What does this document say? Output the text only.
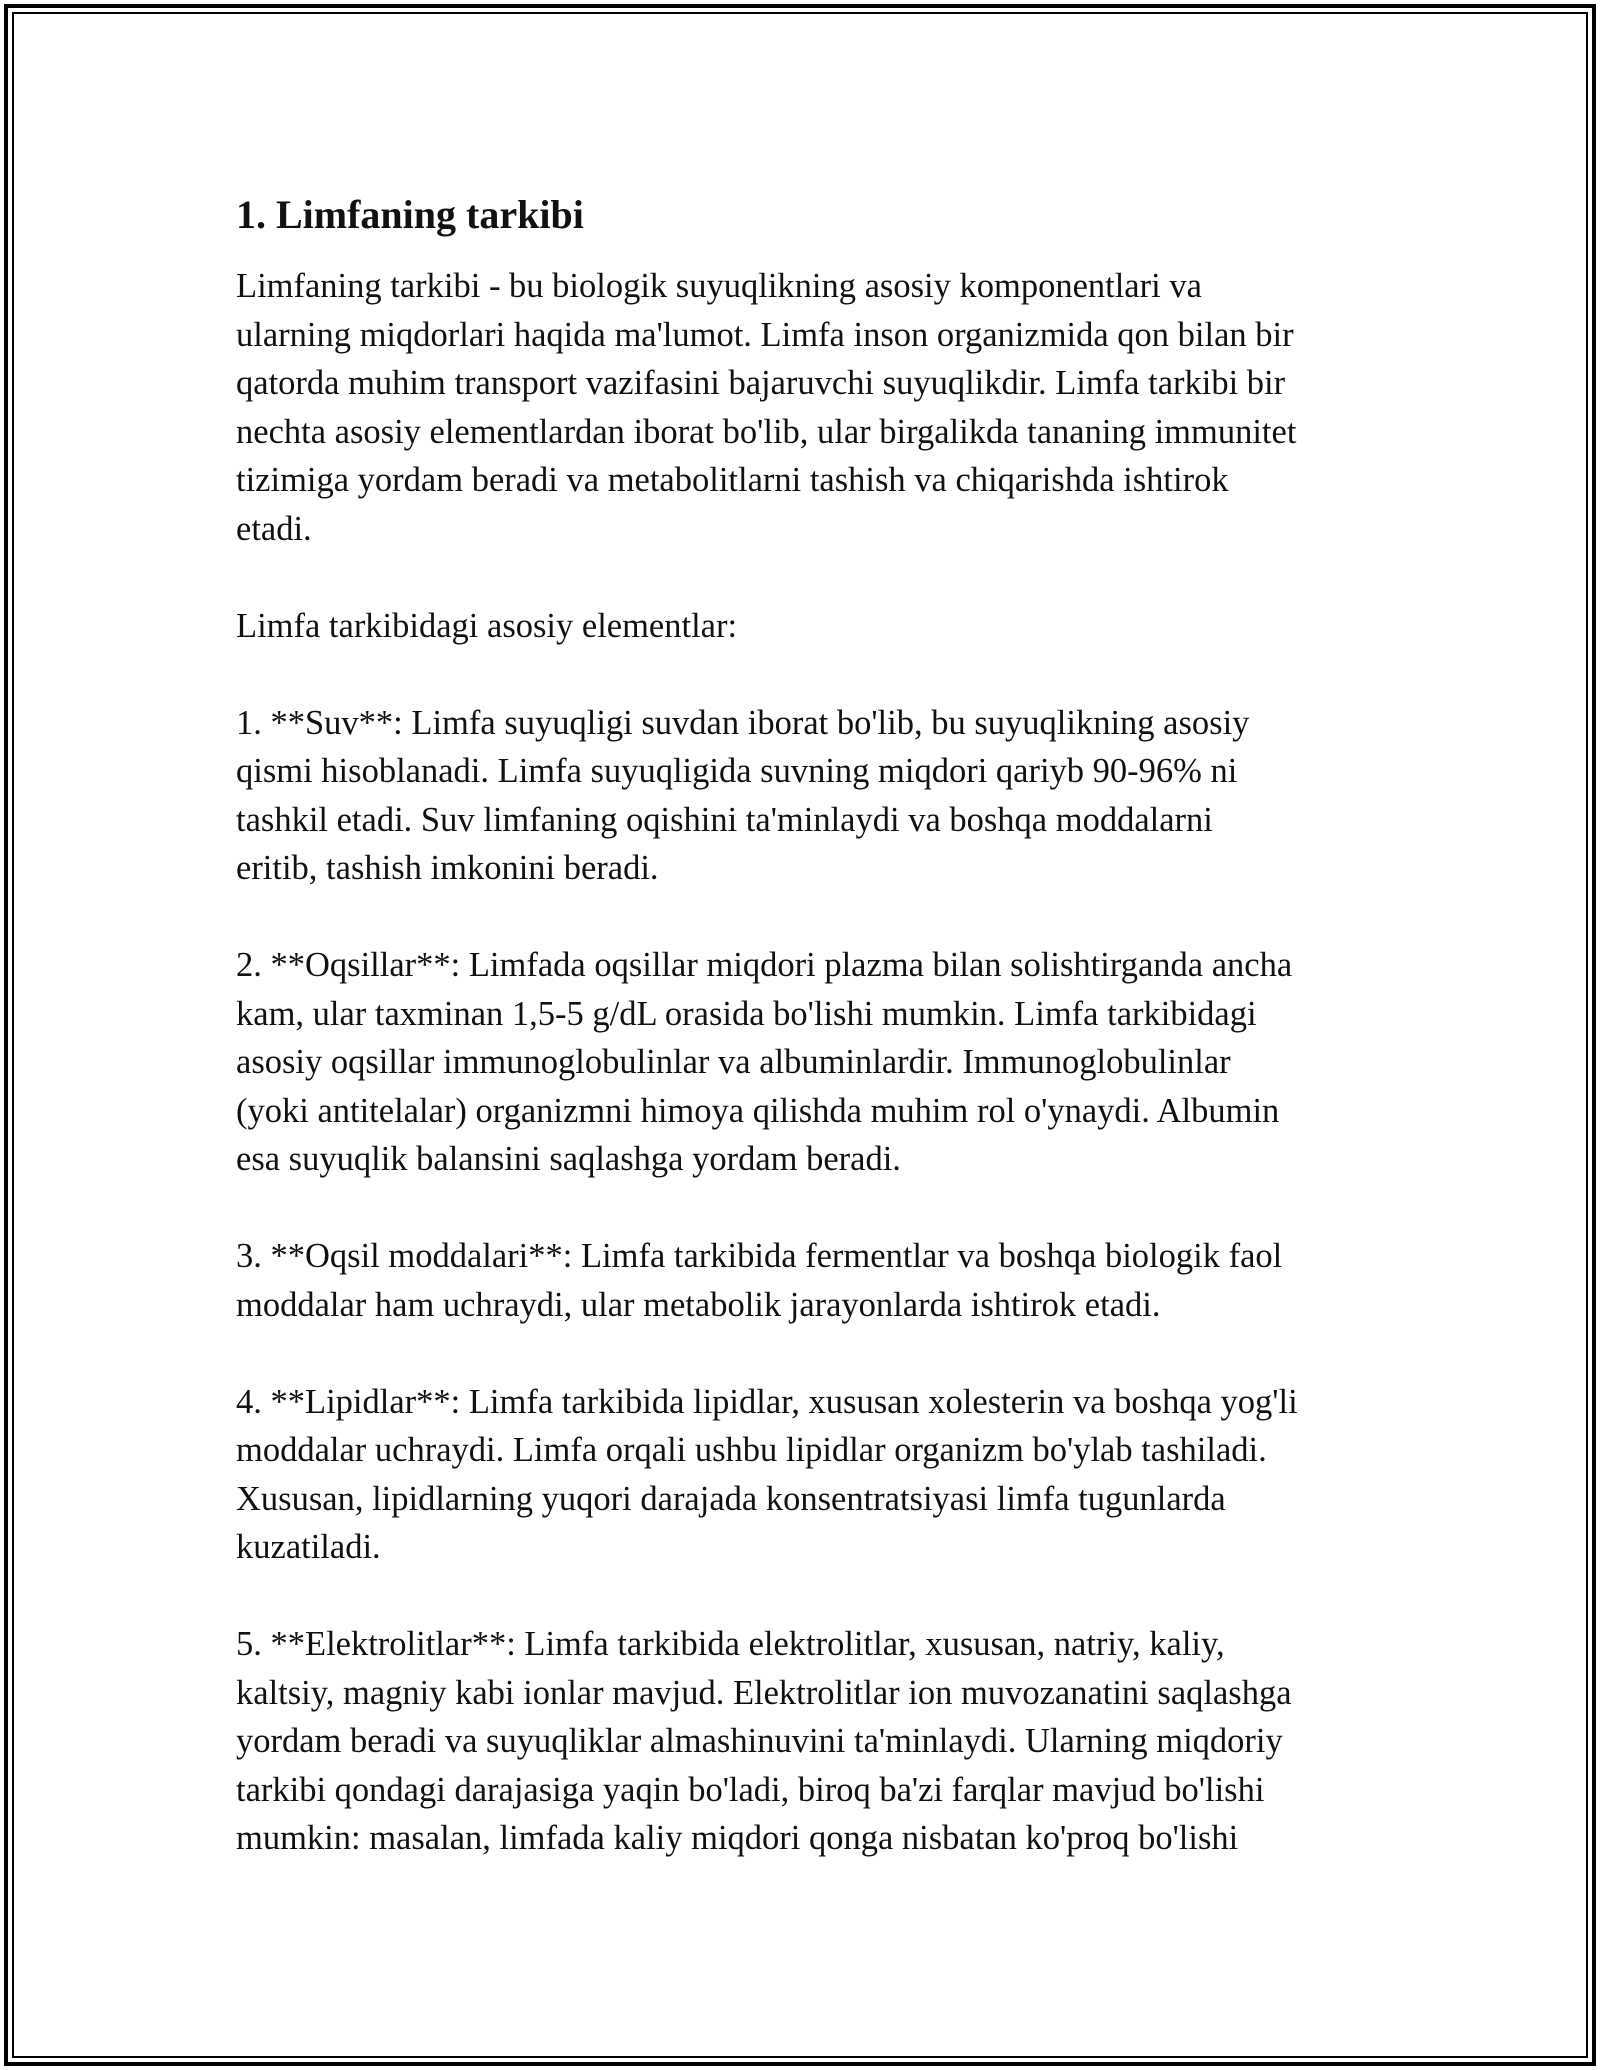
1. Limfaning tarkibi

Limfaning tarkibi - bu biologik suyuqlikning asosiy komponentlari va
ularning miqdorlari haqida ma'lumot. Limfa inson organizmida qon bilan bir
qatorda muhim transport vazifasini bajaruvchi suyuqlikdir. Limfa tarkibi bir
nechta asosiy elementlardan iborat bo'lib, ular birgalikda tananing immunitet
tizimiga yordam beradi va metabolitlarni tashish va chiqarishda ishtirok
etadi.

Limfa tarkibidagi asosiy elementlar:

1. **Suv**: Limfa suyuqligi suvdan iborat bo'lib, bu suyuqlikning asosiy
qismi hisoblanadi. Limfa suyuqligida suvning miqdori qariyb 90-96% ni
tashkil etadi. Suv limfaning oqishini ta'minlaydi va boshqa moddalarni
eritib, tashish imkonini beradi.

2. **Oqsillar**: Limfada oqsillar miqdori plazma bilan solishtirganda ancha
kam, ular taxminan 1,5-5 g/dL orasida bo'lishi mumkin. Limfa tarkibidagi
asosiy oqsillar immunoglobulinlar va albuminlardir. Immunoglobulinlar
(yoki antitelalar) organizmni himoya qilishda muhim rol o'ynaydi. Albumin
esa suyuqlik balansini saqlashga yordam beradi.

3. **Oqsil moddalari**: Limfa tarkibida fermentlar va boshqa biologik faol
moddalar ham uchraydi, ular metabolik jarayonlarda ishtirok etadi.

4. **Lipidlar**: Limfa tarkibida lipidlar, xususan xolesterin va boshqa yog'li
moddalar uchraydi. Limfa orqali ushbu lipidlar organizm bo'ylab tashiladi.
Xususan, lipidlarning yuqori darajada konsentratsiyasi limfa tugunlarda
kuzatiladi.

5. **Elektrolitlar**: Limfa tarkibida elektrolitlar, xususan, natriy, kaliy,
kaltsiy, magniy kabi ionlar mavjud. Elektrolitlar ion muvozanatini saqlashga
yordam beradi va suyuqliklar almashinuvini ta'minlaydi. Ularning miqdoriy
tarkibi qondagi darajasiga yaqin bo'ladi, biroq ba'zi farqlar mavjud bo'lishi
mumkin: masalan, limfada kaliy miqdori qonga nisbatan ko'proq bo'lishi
